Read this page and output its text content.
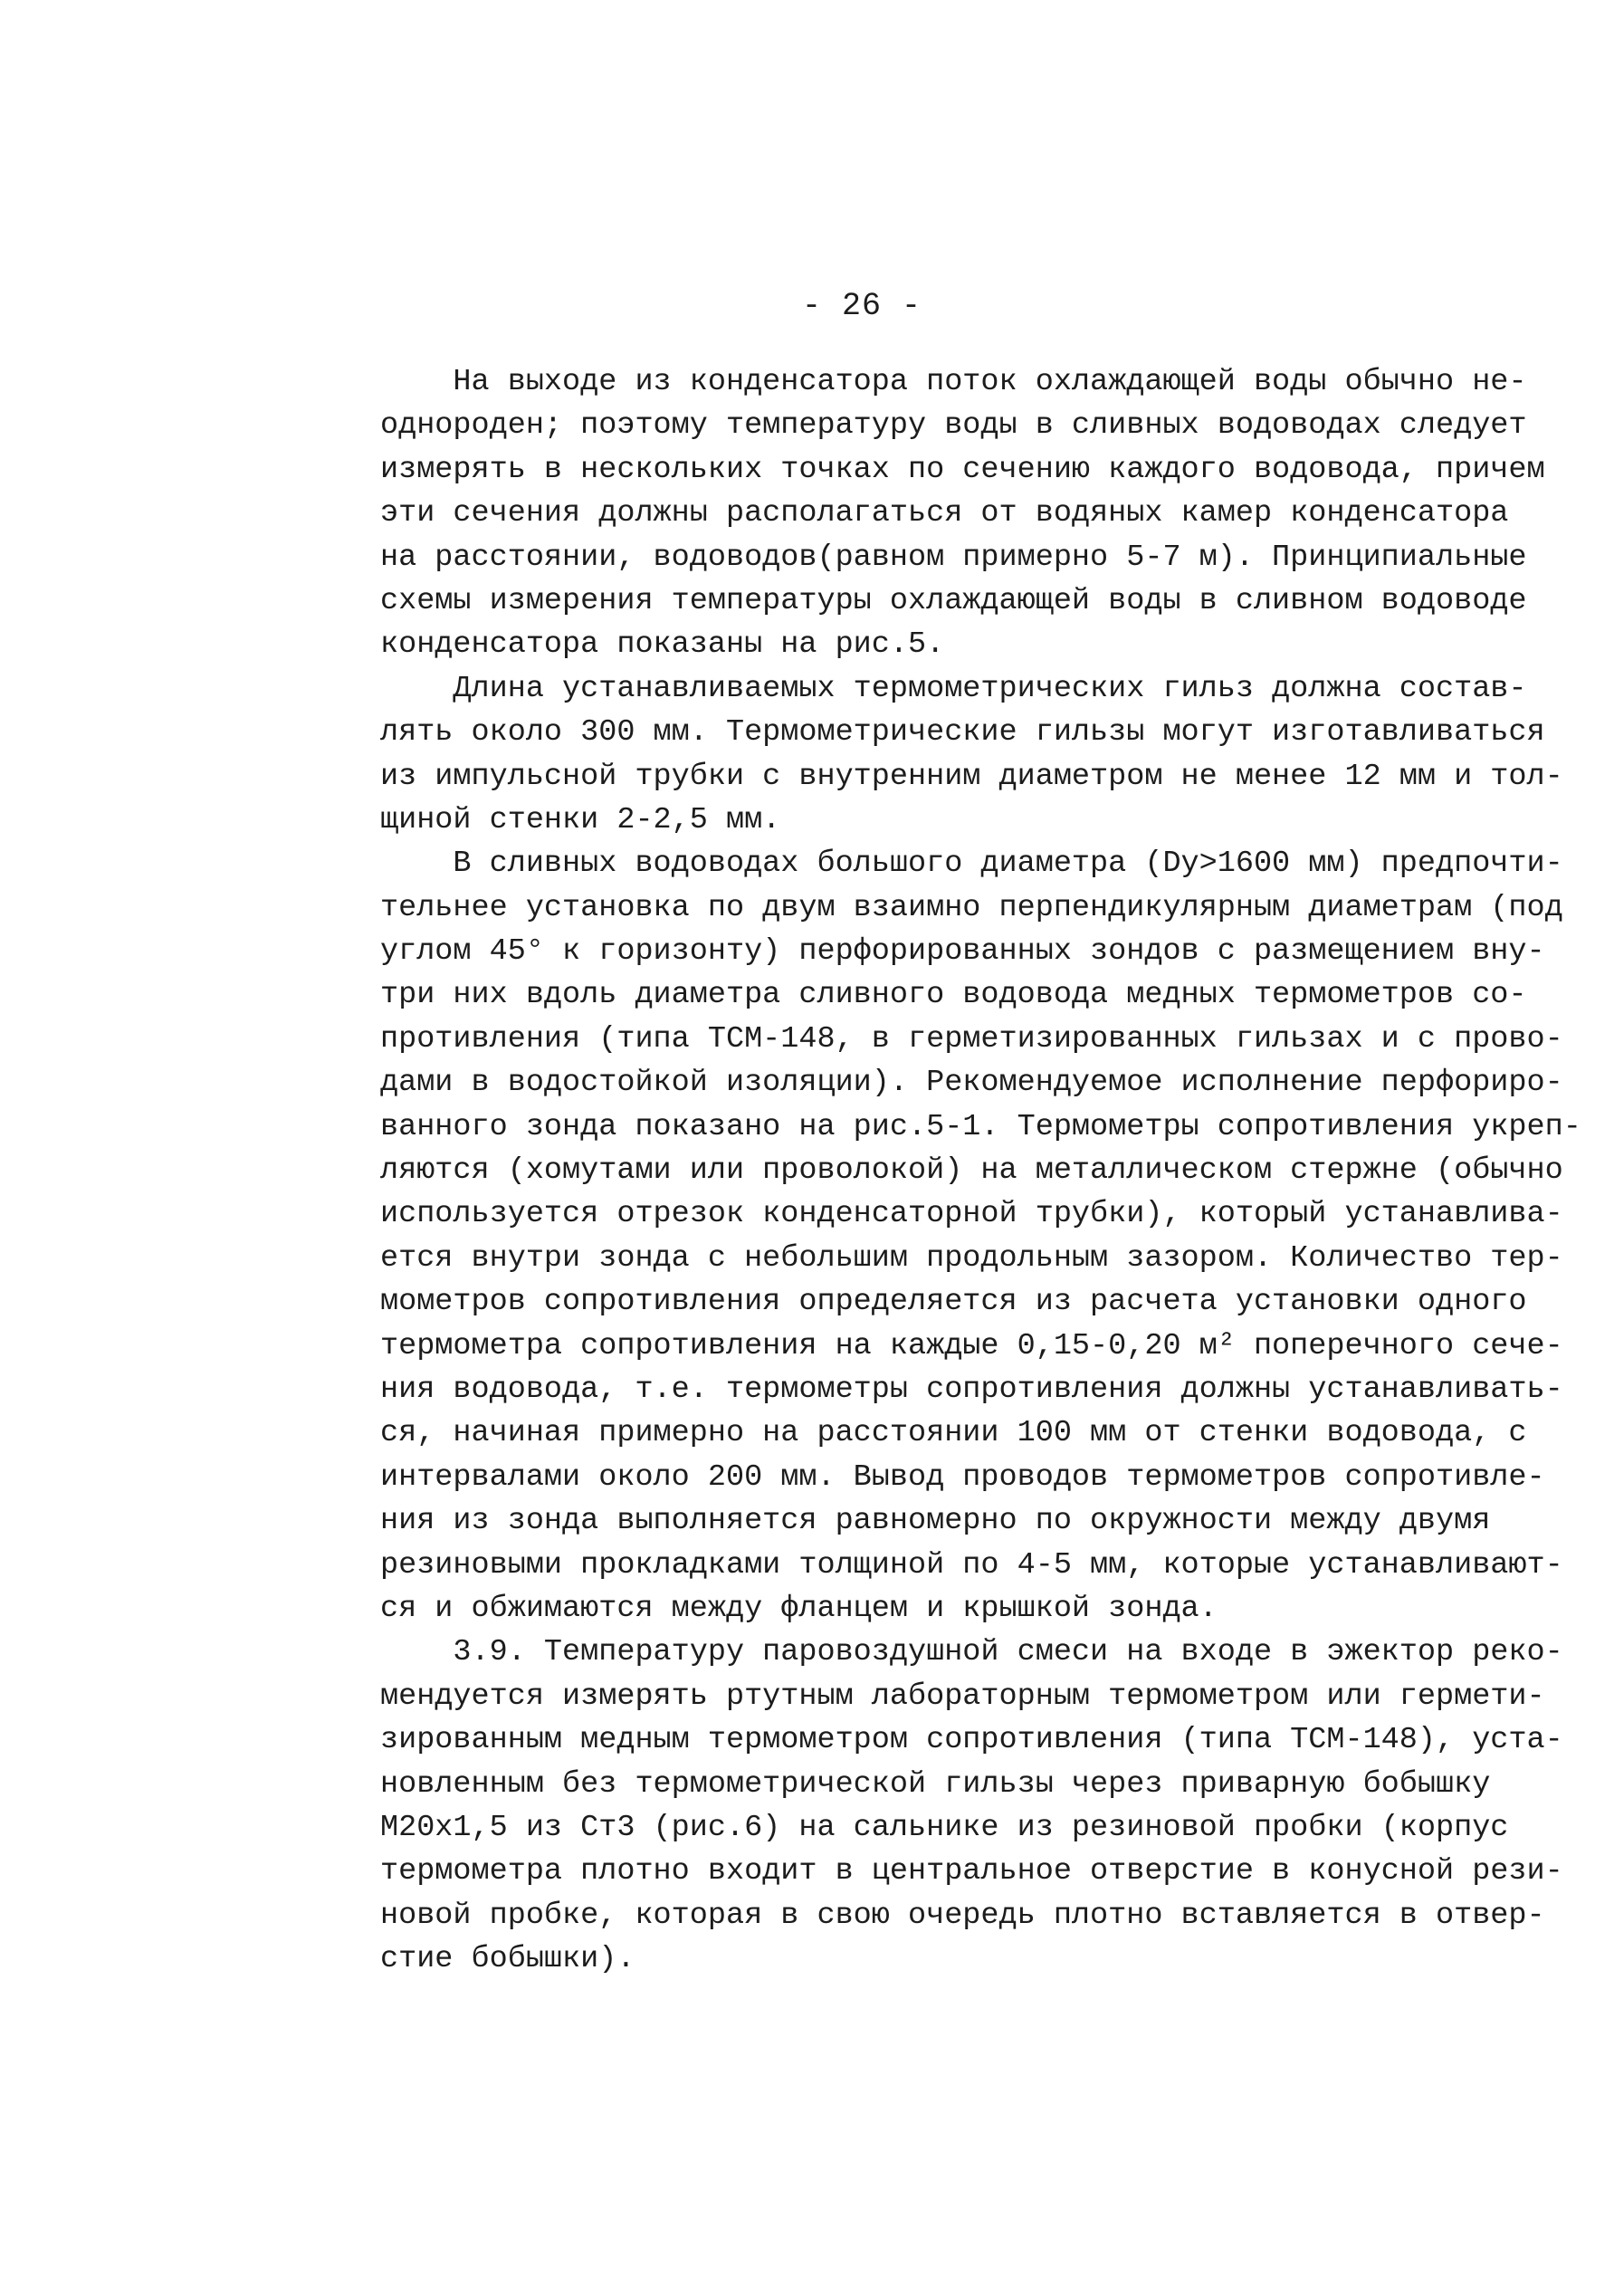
- 26 -
На выходе из конденсатора поток охлаждающей воды обычно не-
однороден; поэтому температуру воды в сливных водоводах следует
измерять в нескольких точках по сечению каждого водовода, причем
эти сечения должны располагаться от водяных камер конденсатора
на расстоянии, водоводов(равном примерно 5-7 м). Принципиальные
схемы измерения температуры охлаждающей воды в сливном водоводе
конденсатора показаны на рис.5.
Длина устанавливаемых термометрических гильз должна состав-
лять около 300 мм. Термометрические гильзы могут изготавливаться
из импульсной трубки с внутренним диаметром не менее 12 мм и тол-
щиной стенки 2-2,5 мм.
В сливных водоводах большого диаметра (Dy>1600 мм) предпочти-
тельнее установка по двум взаимно перпендикулярным диаметрам (под
углом 45° к горизонту) перфорированных зондов с размещением вну-
три них вдоль диаметра сливного водовода медных термометров со-
противления (типа ТСМ-148, в герметизированных гильзах и с прово-
дами в водостойкой изоляции). Рекомендуемое исполнение перфориро-
ванного зонда показано на рис.5-1. Термометры сопротивления укреп-
ляются (хомутами или проволокой) на металлическом стержне (обычно
используется отрезок конденсаторной трубки), который устанавлива-
ется внутри зонда с небольшим продольным зазором. Количество тер-
мометров сопротивления определяется из расчета установки одного
термометра сопротивления на каждые 0,15-0,20 м² поперечного сече-
ния водовода, т.е. термометры сопротивления должны устанавливать-
ся, начиная примерно на расстоянии 100 мм от стенки водовода, с
интервалами около 200 мм. Вывод проводов термометров сопротивле-
ния из зонда выполняется равномерно по окружности между двумя
резиновыми прокладками толщиной по 4-5 мм, которые устанавливают-
ся и обжимаются между фланцем и крышкой зонда.
3.9. Температуру паровоздушной смеси на входе в эжектор реко-
мендуется измерять ртутным лабораторным термометром или гермети-
зированным медным термометром сопротивления (типа ТСМ-148), уста-
новленным без термометрической гильзы через приварную бобышку
М20х1,5 из Ст3 (рис.6) на сальнике из резиновой пробки (корпус
термометра плотно входит в центральное отверстие в конусной рези-
новой пробке, которая в свою очередь плотно вставляется в отвер-
стие бобышки).
